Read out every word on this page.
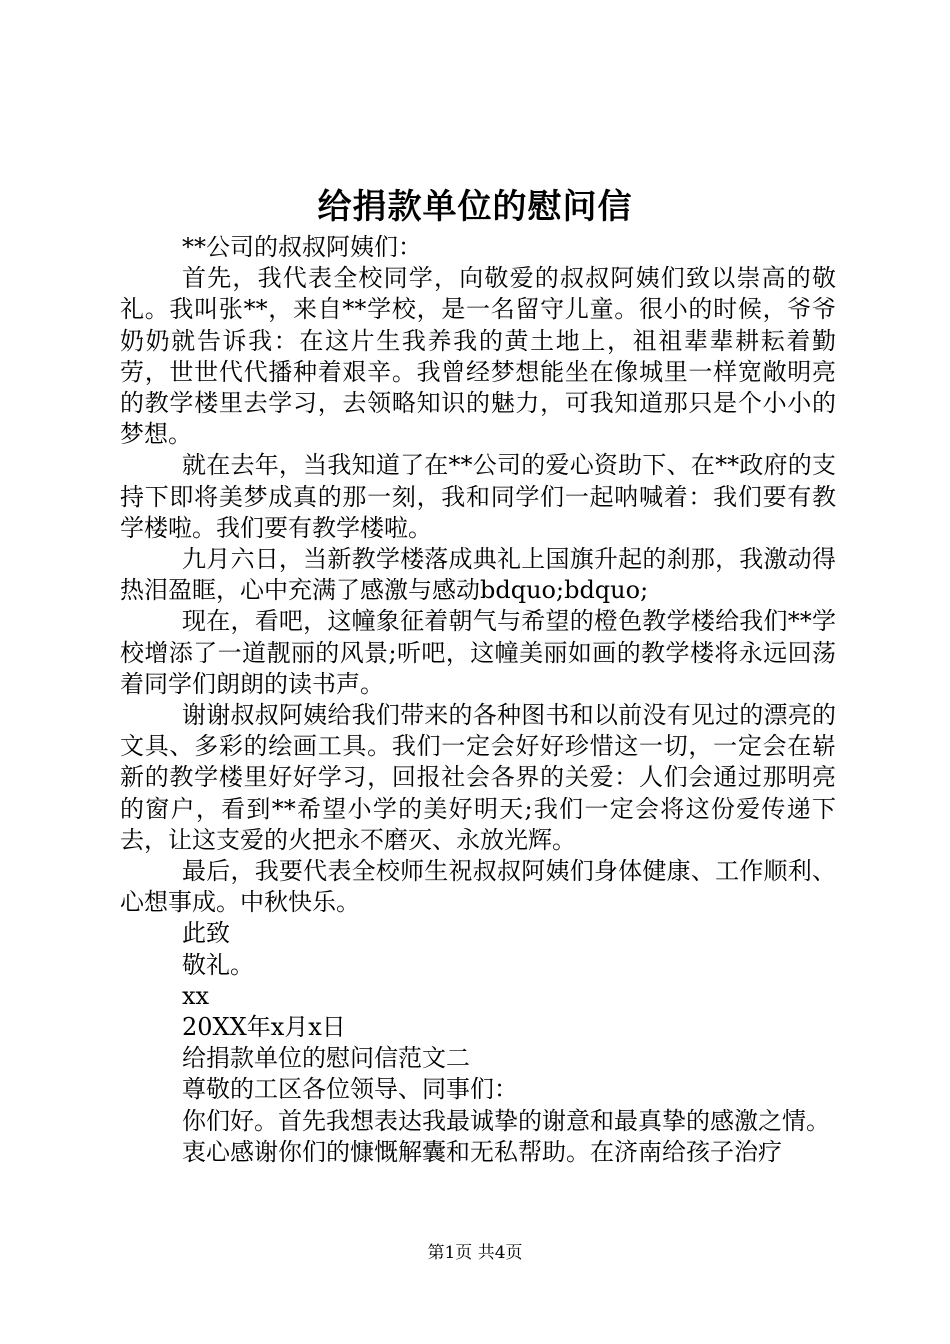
给捐款单位的慰问信

**公司的叔叔阿姨们：

首先，我代表全校同学，向敬爱的叔叔阿姨们致以崇高的敬礼。我叫张**，来自**学校，是一名留守儿童。很小的时候，爷爷奶奶就告诉我：在这片生我养我的黄土地上，祖祖辈辈耕耘着勤劳，世世代代播种着艰辛。我曾经梦想能坐在像城里一样宽敞明亮的教学楼里去学习，去领略知识的魅力，可我知道那只是个小小的梦想。

就在去年，当我知道了在**公司的爱心资助下、在**政府的支持下即将美梦成真的那一刻，我和同学们一起呐喊着：我们要有教学楼啦。我们要有教学楼啦。

九月六日，当新教学楼落成典礼上国旗升起的刹那，我激动得热泪盈眶，心中充满了感激与感动bdquo;bdquo;

现在，看吧，这幢象征着朝气与希望的橙色教学楼给我们**学校增添了一道靓丽的风景;听吧，这幢美丽如画的教学楼将永远回荡着同学们朗朗的读书声。

谢谢叔叔阿姨给我们带来的各种图书和以前没有见过的漂亮的文具、多彩的绘画工具。我们一定会好好珍惜这一切，一定会在崭新的教学楼里好好学习，回报社会各界的关爱：人们会通过那明亮的窗户，看到**希望小学的美好明天;我们一定会将这份爱传递下去，让这支爱的火把永不磨灭、永放光辉。

最后，我要代表全校师生祝叔叔阿姨们身体健康、工作顺利、心想事成。中秋快乐。

此致

敬礼。

xx

20XX年x月x日

给捐款单位的慰问信范文二

尊敬的工区各位领导、同事们：

你们好。首先我想表达我最诚挚的谢意和最真挚的感激之情。

衷心感谢你们的慷慨解囊和无私帮助。在济南给孩子治疗

第1页 共4页
